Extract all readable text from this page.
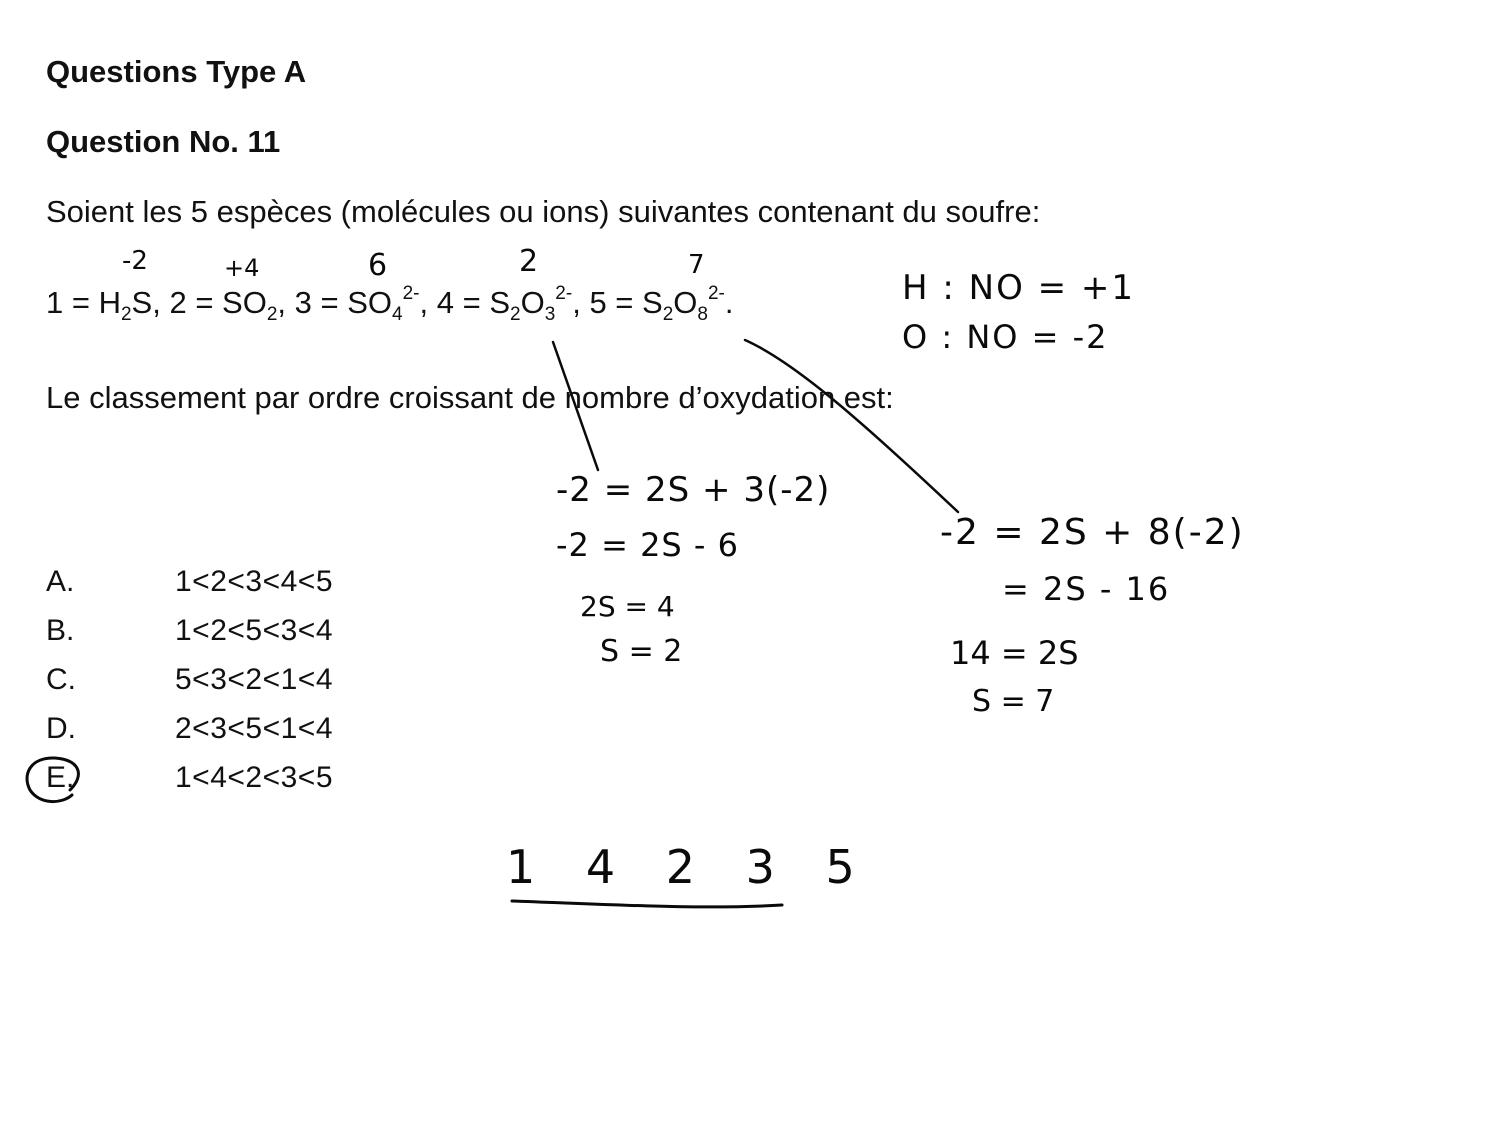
Questions Type A
Question No. 11
Soient les 5 espèces (molécules ou ions) suivantes contenant du soufre:
$1 = H_2S$, $2 = SO_2$, $3 = SO_4^{2-}$, $4 = S_2O_3^{2-}$, $5 = S_2O_8^{2-}$.
Le classement par ordre croissant de nombre d’oxydation est:
A.	1<2<3<4<5
B.	1<2<5<3<4
C.	5<3<2<1<4
D.	2<3<5<1<4
E.	1<4<2<3<5
-2	+4	6	2	7
H : NO = +1
O : NO = -2
-2 = 2S + 3(-2)
-2 = 2S - 6
2S = 4
S = 2
-2 = 2S + 8(-2)
= 2S - 16
14 = 2S
S = 7
1 4 2 3 5
